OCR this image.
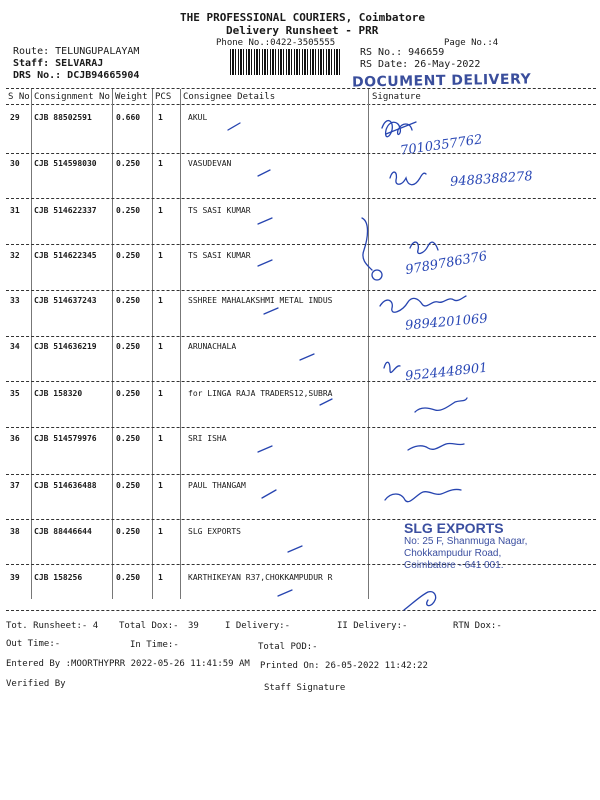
THE PROFESSIONAL COURIERS, Coimbatore
Delivery Runsheet - PRR
Phone No.:0422-3505555	Page No.:4
Route: TELUNGUPALAYAM
Staff: SELVARAJ
DRS No.: DCJB94665904
RS No.: 946659
RS Date: 26-May-2022
DOCUMENT DELIVERY
S No Consignment No Weight PCS Consignee Details	Signature
29 CJB 88502591	0.660 1	AKUL
30 CJB 514598030 0.250 1	VASUDEVAN
31 CJB 514622337 0.250 1	TS SASI KUMAR
32 CJB 514622345 0.250 1	TS SASI KUMAR
33 CJB 514637243 0.250 1	SSHREE MAHALAKSHMI METAL INDUS
34 CJB 514636219 0.250 1	ARUNACHALA
35 CJB 158320	0.250 1	for LINGA RAJA TRADERS12,SUBRA
36 CJB 514579976 0.250 1	SRI ISHA
37 CJB 514636488 0.250 1	PAUL THANGAM
38 CJB 88446644	0.250 1	SLG EXPORTS
39 CJB 158256	0.250 1	KARTHIKEYAN R37,CHOKKAMPUDUR R
7010357762
9488388278
9789786376
9894201069
9524448901
SLG EXPORTS
No: 25 F, Shanmuga Nagar,
Chokkampudur Road,
Coimbatore - 641 001.
Tot. Runsheet:- 4 Total Dox:- 39	I Delivery:-	II Delivery:-	RTN Dox:-
Out Time:-	In Time:-	Total POD:-
Entered By :MOORTHYPRR 2022-05-26 11:41:59 AM Printed On: 26-05-2022 11:42:22
Verified By	Staff Signature
